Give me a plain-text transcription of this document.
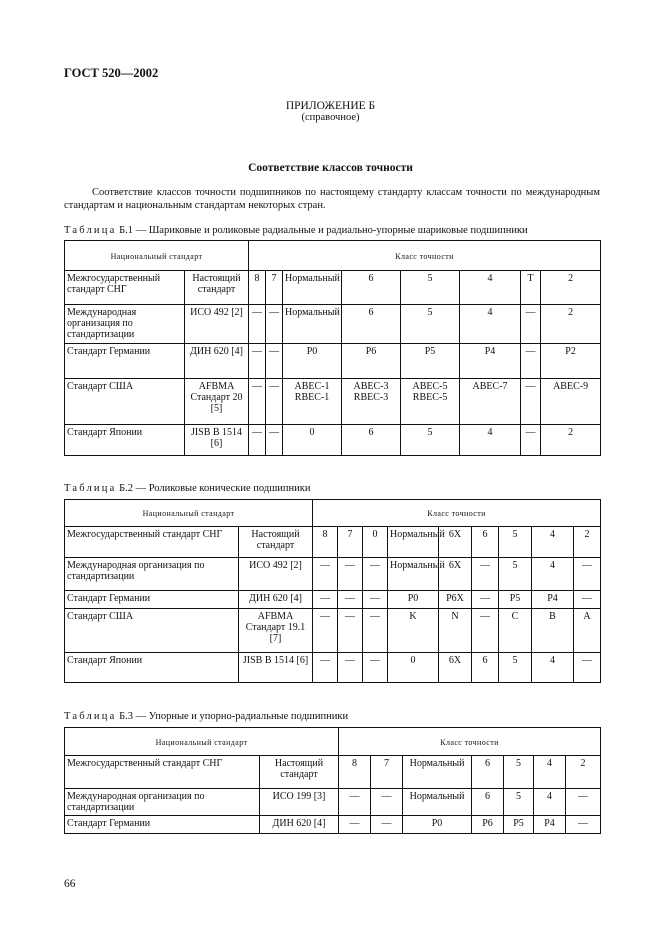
ГОСТ 520—2002
ПРИЛОЖЕНИЕ Б
(справочное)
Соответствие классов точности
Соответствие классов точности подшипников по настоящему стандарту классам точности по международным стандартам и национальным стандартам некоторых стран.
Таблица Б.1 — Шариковые и роликовые радиальные и радиально-упорные шариковые подшипники
Национальный стандарт		Класс точности							
Межгосударственный стандарт СНГ	Настоящий стандарт	8	7	Нормальный	6	5	4	Т	2
Международная организация по стандартизации	ИСО 492 [2]	—	—	Нормальный	6	5	4	—	2
Стандарт Германии	ДИН 620 [4]	—	—	Р0	Р6	Р5	Р4	—	Р2
Стандарт США	AFBMA Стандарт 20 [5]	—	—	ABEC-1 RBEC-1	ABEC-3 RBEC-3	ABEC-5 RBEC-5	ABEC-7	—	ABEC-9
Стандарт Японии	JISB B 1514 [6]	—	—	0	6	5	4	—	2
Таблица Б.2 — Роликовые конические подшипники
Национальный стандарт		Класс точности								
Межгосударственный стандарт СНГ	Настоящий стандарт	8	7	0	Нормальный	6X	6	5	4	2
Международная организация по стандартизации	ИСО 492 [2]	—	—	—	Нормальный	6X	—	5	4	—
Стандарт Германии	ДИН 620 [4]	—	—	—	Р0	Р6X	—	Р5	Р4	—
Стандарт США	AFBMA Стандарт 19.1 [7]	—	—	—	K	N	—	C	B	A
Стандарт Японии	JISB B 1514 [6]	—	—	—	0	6X	6	5	4	—
Таблица Б.3 — Упорные и упорно-радиальные подшипники
Национальный стандарт		Класс точности						
Межгосударственный стандарт СНГ	Настоящий стандарт	8	7	Нормальный	6	5	4	2
Международная организация по стандартизации	ИСО 199 [3]	—	—	Нормальный	6	5	4	—
Стандарт Германии	ДИН 620 [4]	—	—	Р0	Р6	Р5	Р4	—
66
